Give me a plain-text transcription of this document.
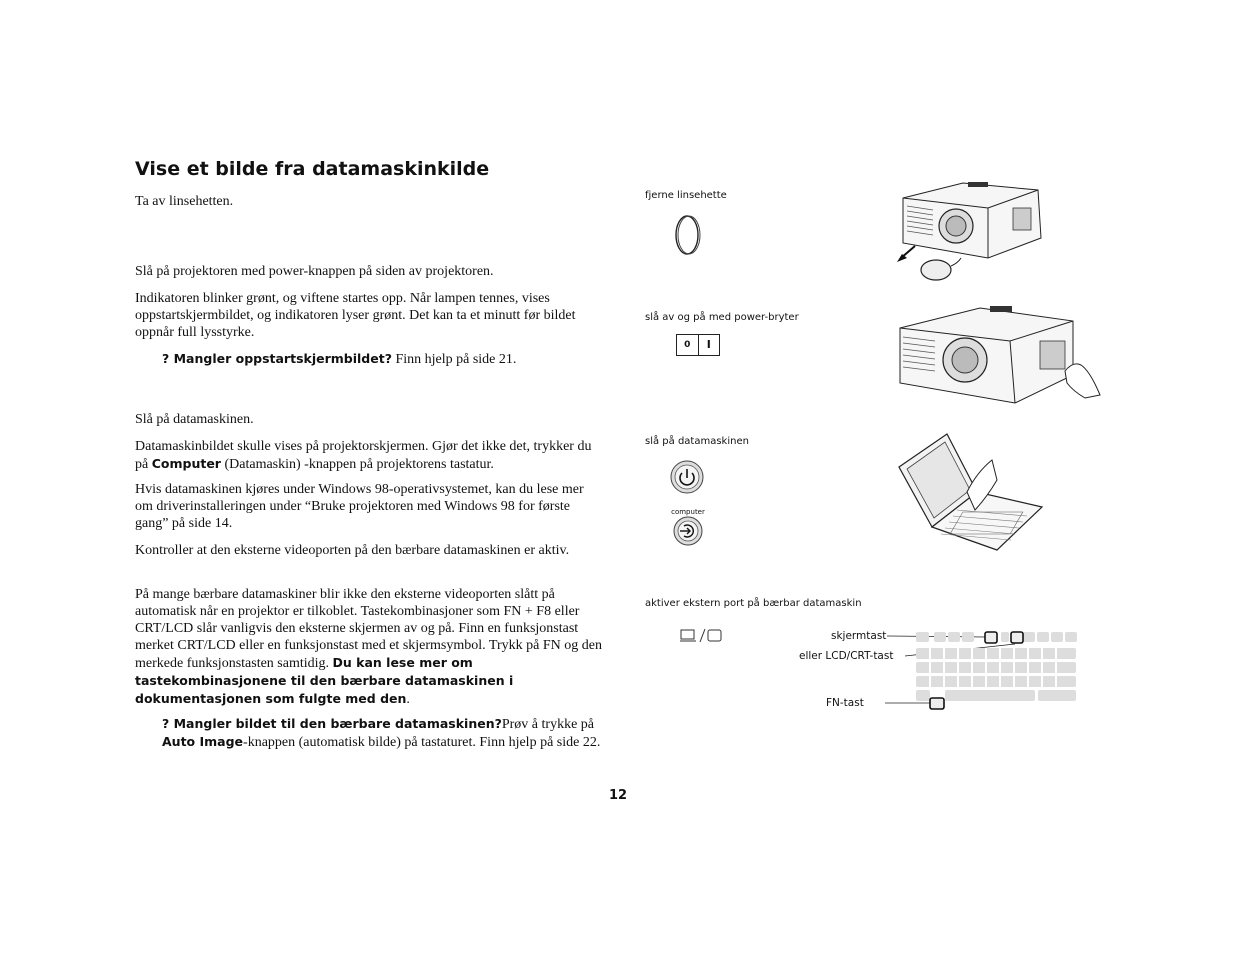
Vise et bilde fra datamaskinkilde
Ta av linsehetten.
Slå på projektoren med power-knappen på siden av projektoren.
Indikatoren blinker grønt, og viftene startes opp. Når lampen tennes, vises oppstartskjermbildet, og indikatoren lyser grønt. Det kan ta et minutt før bildet oppnår full lysstyrke.
? Mangler oppstartskjermbildet? Finn hjelp på side 21.
Slå på datamaskinen.
Datamaskinbildet skulle vises på projektorskjermen. Gjør det ikke det, trykker du på Computer (Datamaskin) -knappen på projektorens tastatur.
Hvis datamaskinen kjøres under Windows 98-operativsystemet, kan du lese mer om driverinstalleringen under “Bruke projektoren med Windows 98 for første gang” på side 14.
Kontroller at den eksterne videoporten på den bærbare datamaskinen er aktiv.
På mange bærbare datamaskiner blir ikke den eksterne videoporten slått på automatisk når en projektor er tilkoblet. Tastekombinasjoner som FN + F8 eller CRT/LCD slår vanligvis den eksterne skjermen av og på. Finn en funksjonstast merket CRT/LCD eller en funksjonstast med et skjermsymbol. Trykk på FN og den merkede funksjonstasten samtidig. Du kan lese mer om tastekombinasjonene til den bærbare datamaskinen i dokumentasjonen som fulgte med den.
? Mangler bildet til den bærbare datamaskinen?Prøv å trykke på Auto Image-knappen (automatisk bilde) på tastaturet. Finn hjelp på side 22.
fjerne linsehette
slå av og på med power-bryter
slå på datamaskinen
aktiver ekstern port på bærbar datamaskin
0	I
computer
skjermtast
eller LCD/CRT-tast
FN-tast
12
